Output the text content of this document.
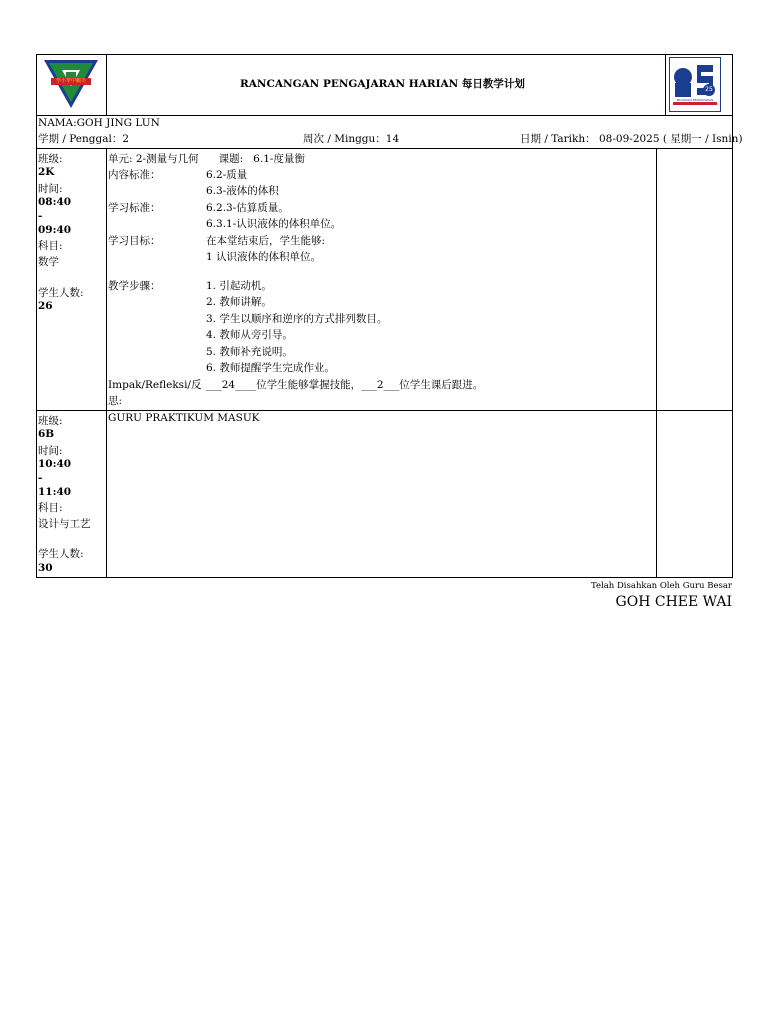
學小華中鵬芙	RANCANGAN PENGAJARAN HARIAN 每日教学计划	25
PROGRAM PENTAKSIRAN
NAMA:GOH JING LUN
学期 / Penggal：2	周次 / Minggu：14	日期 / Tarikh： 08-09-2025 ( 星期一 / Isnin)
班级:
2K
时间:
08:40
-
09:40
科目:
数学
学生人数:
26
单元: 2-测量与几何      课题:   6.1-度量衡
内容标准：	6.2-质量
6.3-液体的体积
学习标准：	6.2.3-估算质量。
6.3.1-认识液体的体积单位。
学习目标：	在本堂结束后，学生能够:
1 认识液体的体积单位。
教学步骤：	1. 引起动机。
2. 教师讲解。
3. 学生以顺序和逆序的方式排列数目。
4. 教师从旁引导。
5. 教师补充说明。
6. 教师提醒学生完成作业。
Impak/Refleksi/反
思:
___24____位学生能够掌握技能，___2___位学生课后跟进。
班级:
6B
时间:
10:40
-
11:40
科目:
设计与工艺
学生人数:
30
GURU PRAKTIKUM MASUK
Telah Disahkan Oleh Guru Besar
GOH CHEE WAI
